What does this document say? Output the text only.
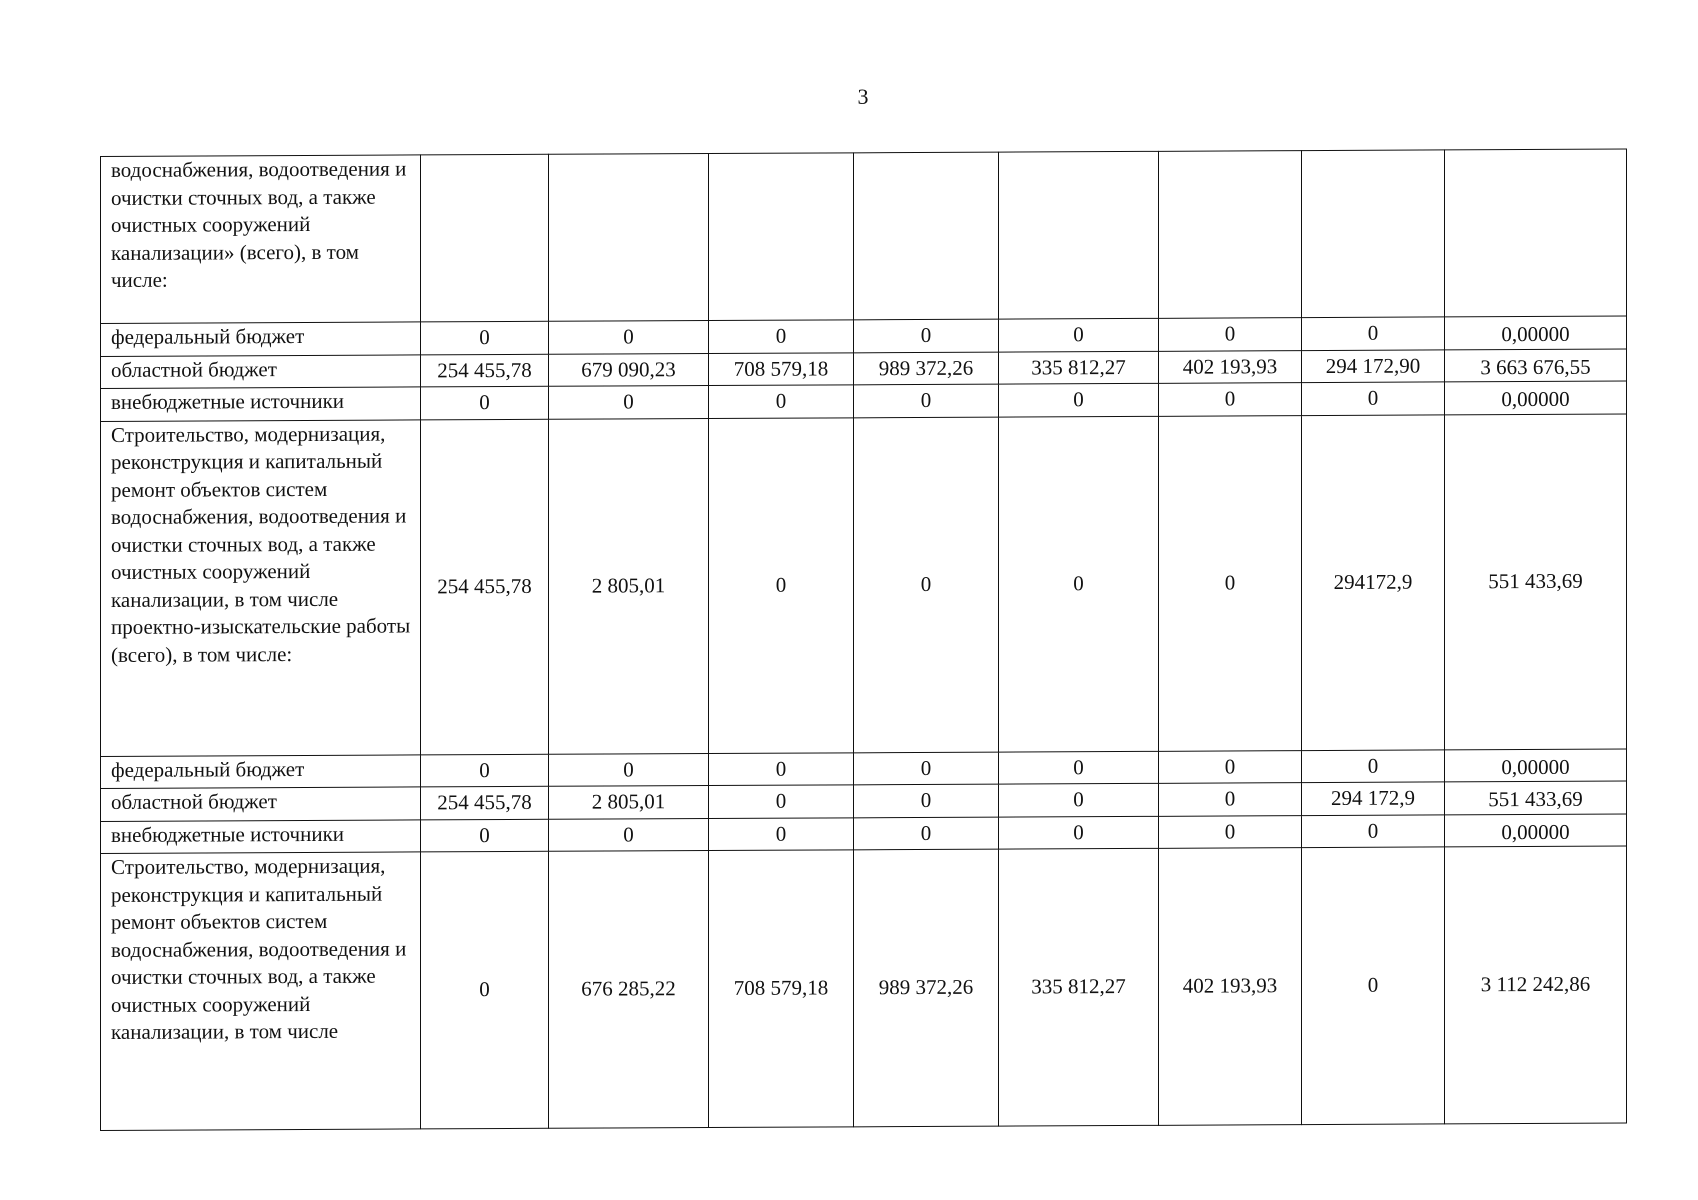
3
водоснабжения, водоотведения и очистки сточных вод, а также очистных сооружений канализации» (всего), в том числе:								
федеральный бюджет	0	0	0	0	0	0	0	0,00000
областной бюджет	254 455,78	679 090,23	708 579,18	989 372,26	335 812,27	402 193,93	294 172,90	3 663 676,55
внебюджетные источники	0	0	0	0	0	0	0	0,00000
Строительство, модернизация, реконструкция и капитальный ремонт объектов систем водоснабжения, водоотведения и очистки сточных вод, а также очистных сооружений канализации, в том числе проектно-изыскательские работы (всего), в том числе:	254 455,78	2 805,01	0	0	0	0	294172,9	551 433,69
федеральный бюджет	0	0	0	0	0	0	0	0,00000
областной бюджет	254 455,78	2 805,01	0	0	0	0	294 172,9	551 433,69
внебюджетные источники	0	0	0	0	0	0	0	0,00000
Строительство, модернизация, реконструкция и капитальный ремонт объектов систем водоснабжения, водоотведения и очистки сточных вод, а также очистных сооружений канализации, в том числе	0	676 285,22	708 579,18	989 372,26	335 812,27	402 193,93	0	3 112 242,86
